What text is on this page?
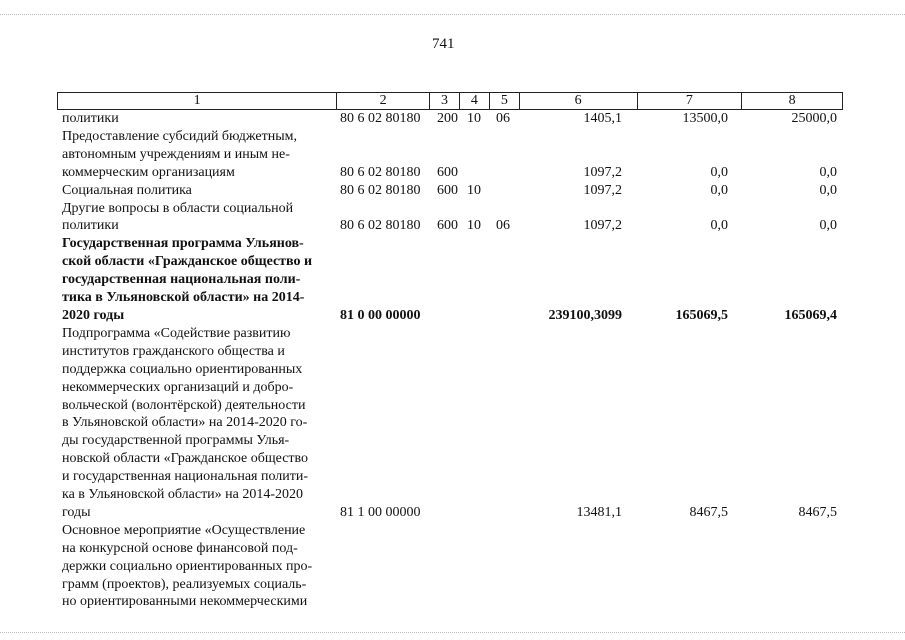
741
1	2	3	4	5	6	7	8
политики	80 6 02 80180 200 10 06	1405,1	13500,0	25000,0
Предоставление субсидий бюджетным,
автономным учреждениям и иным не-
коммерческим организациям	80 6 02 80180 600	1097,2	0,0	0,0
Социальная политика	80 6 02 80180 600 10	1097,2	0,0	0,0
Другие вопросы в области социальной
политики	80 6 02 80180 600 10 06	1097,2	0,0	0,0
Государственная программа Ульянов-
ской области «Гражданское общество и
государственная национальная поли-
тика в Ульяновской области» на 2014-
2020 годы	81 0 00 00000	239100,3099	165069,5	165069,4
Подпрограмма «Содействие развитию
институтов гражданского общества и
поддержка социально ориентированных
некоммерческих организаций и добро-
вольческой (волонтёрской) деятельности
в Ульяновской области» на 2014-2020 го-
ды государственной программы Улья-
новской области «Гражданское общество
и государственная национальная полити-
ка в Ульяновской области» на 2014-2020
годы	81 1 00 00000	13481,1	8467,5	8467,5
Основное мероприятие «Осуществление
на конкурсной основе финансовой под-
держки социально ориентированных про-
грамм (проектов), реализуемых социаль-
но ориентированными некоммерческими
